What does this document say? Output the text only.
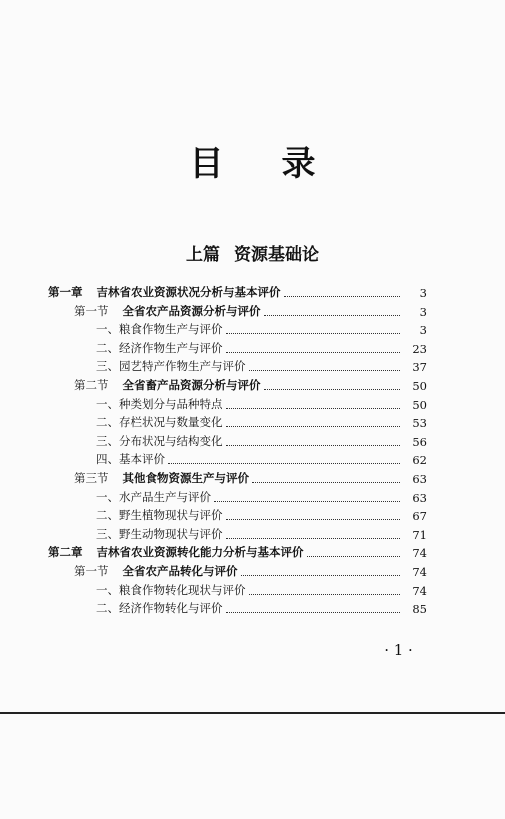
目 录
上篇 资源基础论
第一章 吉林省农业资源状况分析与基本评价	3
第一节 全省农产品资源分析与评价	3
一、粮食作物生产与评价	3
二、经济作物生产与评价	23
三、园艺特产作物生产与评价	37
第二节 全省畜产品资源分析与评价	50
一、种类划分与品种特点	50
二、存栏状况与数量变化	53
三、分布状况与结构变化	56
四、基本评价	62
第三节 其他食物资源生产与评价	63
一、水产品生产与评价	63
二、野生植物现状与评价	67
三、野生动物现状与评价	71
第二章 吉林省农业资源转化能力分析与基本评价	74
第一节 全省农产品转化与评价	74
一、粮食作物转化现状与评价	74
二、经济作物转化与评价	85
· 1 ·
